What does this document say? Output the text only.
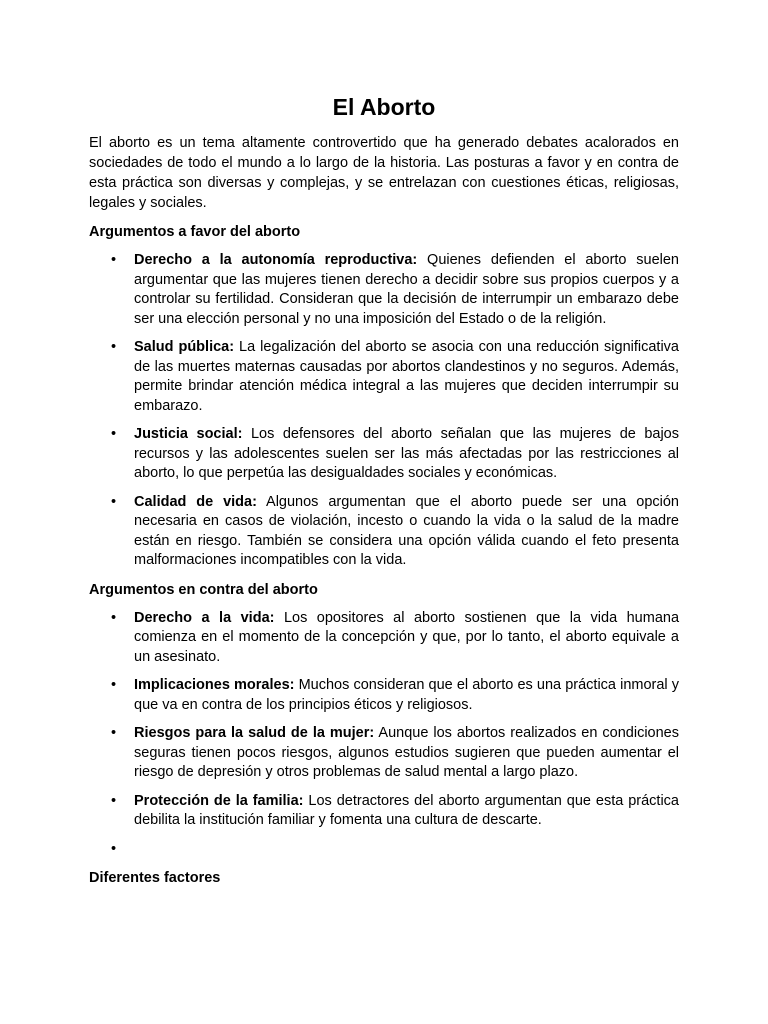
El Aborto

El aborto es un tema altamente controvertido que ha generado debates acalorados en sociedades de todo el mundo a lo largo de la historia. Las posturas a favor y en contra de esta práctica son diversas y complejas, y se entrelazan con cuestiones éticas, religiosas, legales y sociales.

Argumentos a favor del aborto
• Derecho a la autonomía reproductiva: Quienes defienden el aborto suelen argumentar que las mujeres tienen derecho a decidir sobre sus propios cuerpos y a controlar su fertilidad. Consideran que la decisión de interrumpir un embarazo debe ser una elección personal y no una imposición del Estado o de la religión.
• Salud pública: La legalización del aborto se asocia con una reducción significativa de las muertes maternas causadas por abortos clandestinos y no seguros. Además, permite brindar atención médica integral a las mujeres que deciden interrumpir su embarazo.
• Justicia social: Los defensores del aborto señalan que las mujeres de bajos recursos y las adolescentes suelen ser las más afectadas por las restricciones al aborto, lo que perpetúa las desigualdades sociales y económicas.
• Calidad de vida: Algunos argumentan que el aborto puede ser una opción necesaria en casos de violación, incesto o cuando la vida o la salud de la madre están en riesgo. También se considera una opción válida cuando el feto presenta malformaciones incompatibles con la vida.
Argumentos en contra del aborto
• Derecho a la vida: Los opositores al aborto sostienen que la vida humana comienza en el momento de la concepción y que, por lo tanto, el aborto equivale a un asesinato.
• Implicaciones morales: Muchos consideran que el aborto es una práctica inmoral y que va en contra de los principios éticos y religiosos.
• Riesgos para la salud de la mujer: Aunque los abortos realizados en condiciones seguras tienen pocos riesgos, algunos estudios sugieren que pueden aumentar el riesgo de depresión y otros problemas de salud mental a largo plazo.
• Protección de la familia: Los detractores del aborto argumentan que esta práctica debilita la institución familiar y fomenta una cultura de descarte.
•
Diferentes factores
